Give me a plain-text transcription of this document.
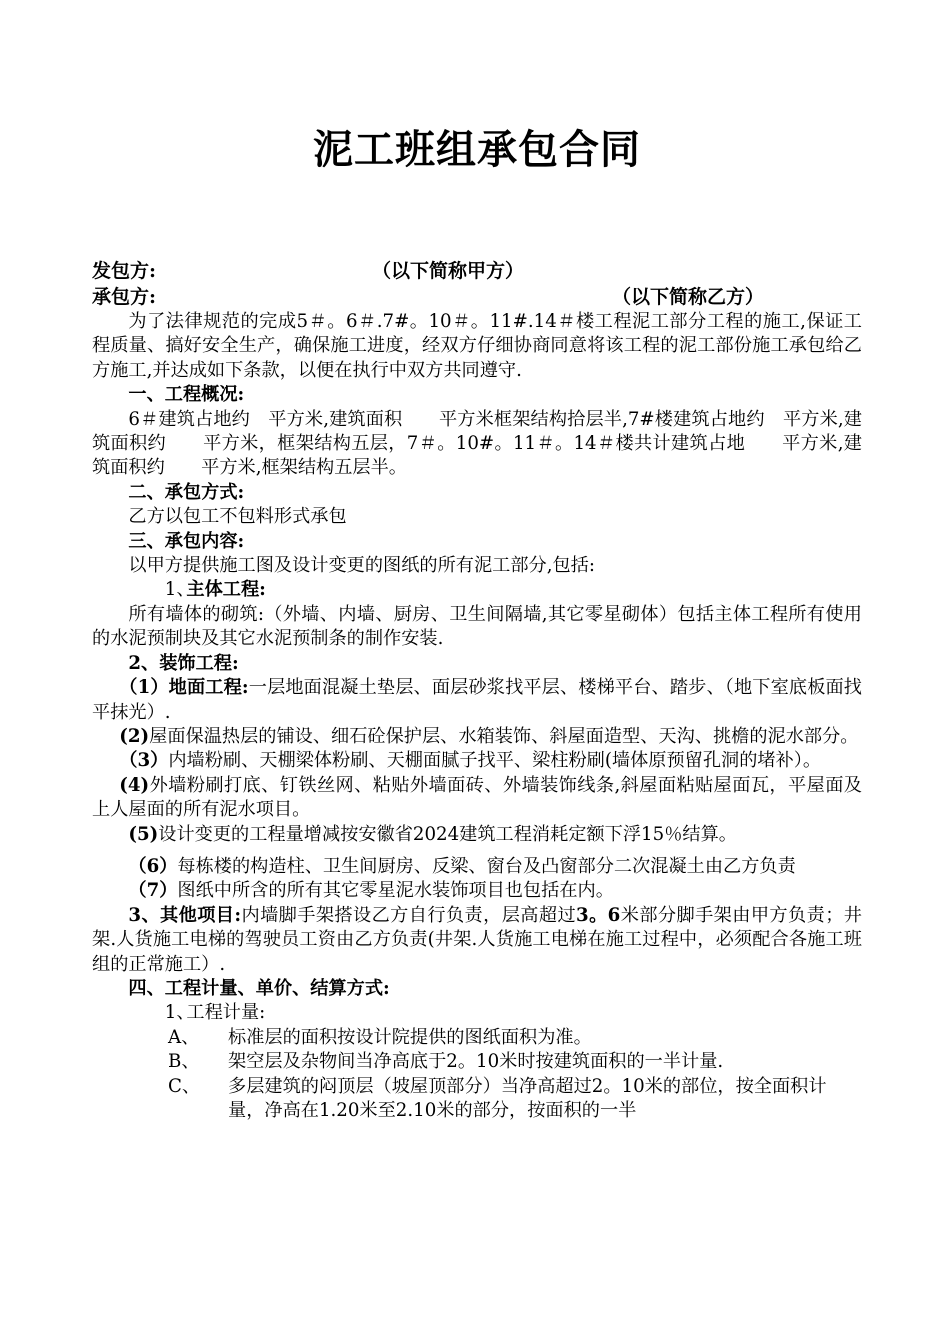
泥工班组承包合同
发包方:	（以下简称甲方）
承包方:	（以下简称乙方）

为了法律规范的完成5＃。6＃.7#。10＃。11#.14＃楼工程泥工部分工程的施工,保证工程质量、搞好安全生产，确保施工进度，经双方仔细协商同意将该工程的泥工部份施工承包给乙方施工,并达成如下条款，以便在执行中双方共同遵守.

一、工程概况:

6＃建筑占地约　平方米,建筑面积　　平方米框架结构拾层半,7#楼建筑占地约　平方米,建筑面积约　　平方米，框架结构五层，7＃。10#。11＃。14＃楼共计建筑占地　　平方米,建筑面积约　　平方米,框架结构五层半。

二、承包方式:

乙方以包工不包料形式承包

三、承包内容:

以甲方提供施工图及设计变更的图纸的所有泥工部分,包括:

1、主体工程:

所有墙体的砌筑:（外墙、内墙、厨房、卫生间隔墙,其它零星砌体）包括主体工程所有使用的水泥预制块及其它水泥预制条的制作安装.

2、装饰工程:

（1）地面工程:一层地面混凝土垫层、面层砂浆找平层、楼梯平台、踏步、（地下室底板面找平抹光）.

(2)屋面保温热层的铺设、细石砼保护层、水箱装饰、斜屋面造型、天沟、挑檐的泥水部分。

（3）内墙粉刷、天棚梁体粉刷、天棚面腻子找平、梁柱粉刷(墙体原预留孔洞的堵补）。

(4)外墙粉刷打底、钉铁丝网、粘贴外墙面砖、外墙装饰线条,斜屋面粘贴屋面瓦，平屋面及上人屋面的所有泥水项目。

(5)设计变更的工程量增减按安徽省2024建筑工程消耗定额下浮15％结算。

（6）每栋楼的构造柱、卫生间厨房、反梁、窗台及凸窗部分二次混凝土由乙方负责

（7）图纸中所含的所有其它零星泥水装饰项目也包括在内。

3、其他项目:内墙脚手架搭设乙方自行负责，层高超过3。6米部分脚手架由甲方负责；井架.人货施工电梯的驾驶员工资由乙方负责(井架.人货施工电梯在施工过程中，必须配合各施工班组的正常施工）.

四、工程计量、单价、结算方式:

1、工程计量:

A、	标准层的面积按设计院提供的图纸面积为准。
B、	架空层及杂物间当净高底于2。10米时按建筑面积的一半计量.
C、	多层建筑的闷顶层（坡屋顶部分）当净高超过2。10米的部位，按全面积计量，净高在1.20米至2.10米的部分，按面积的一半
